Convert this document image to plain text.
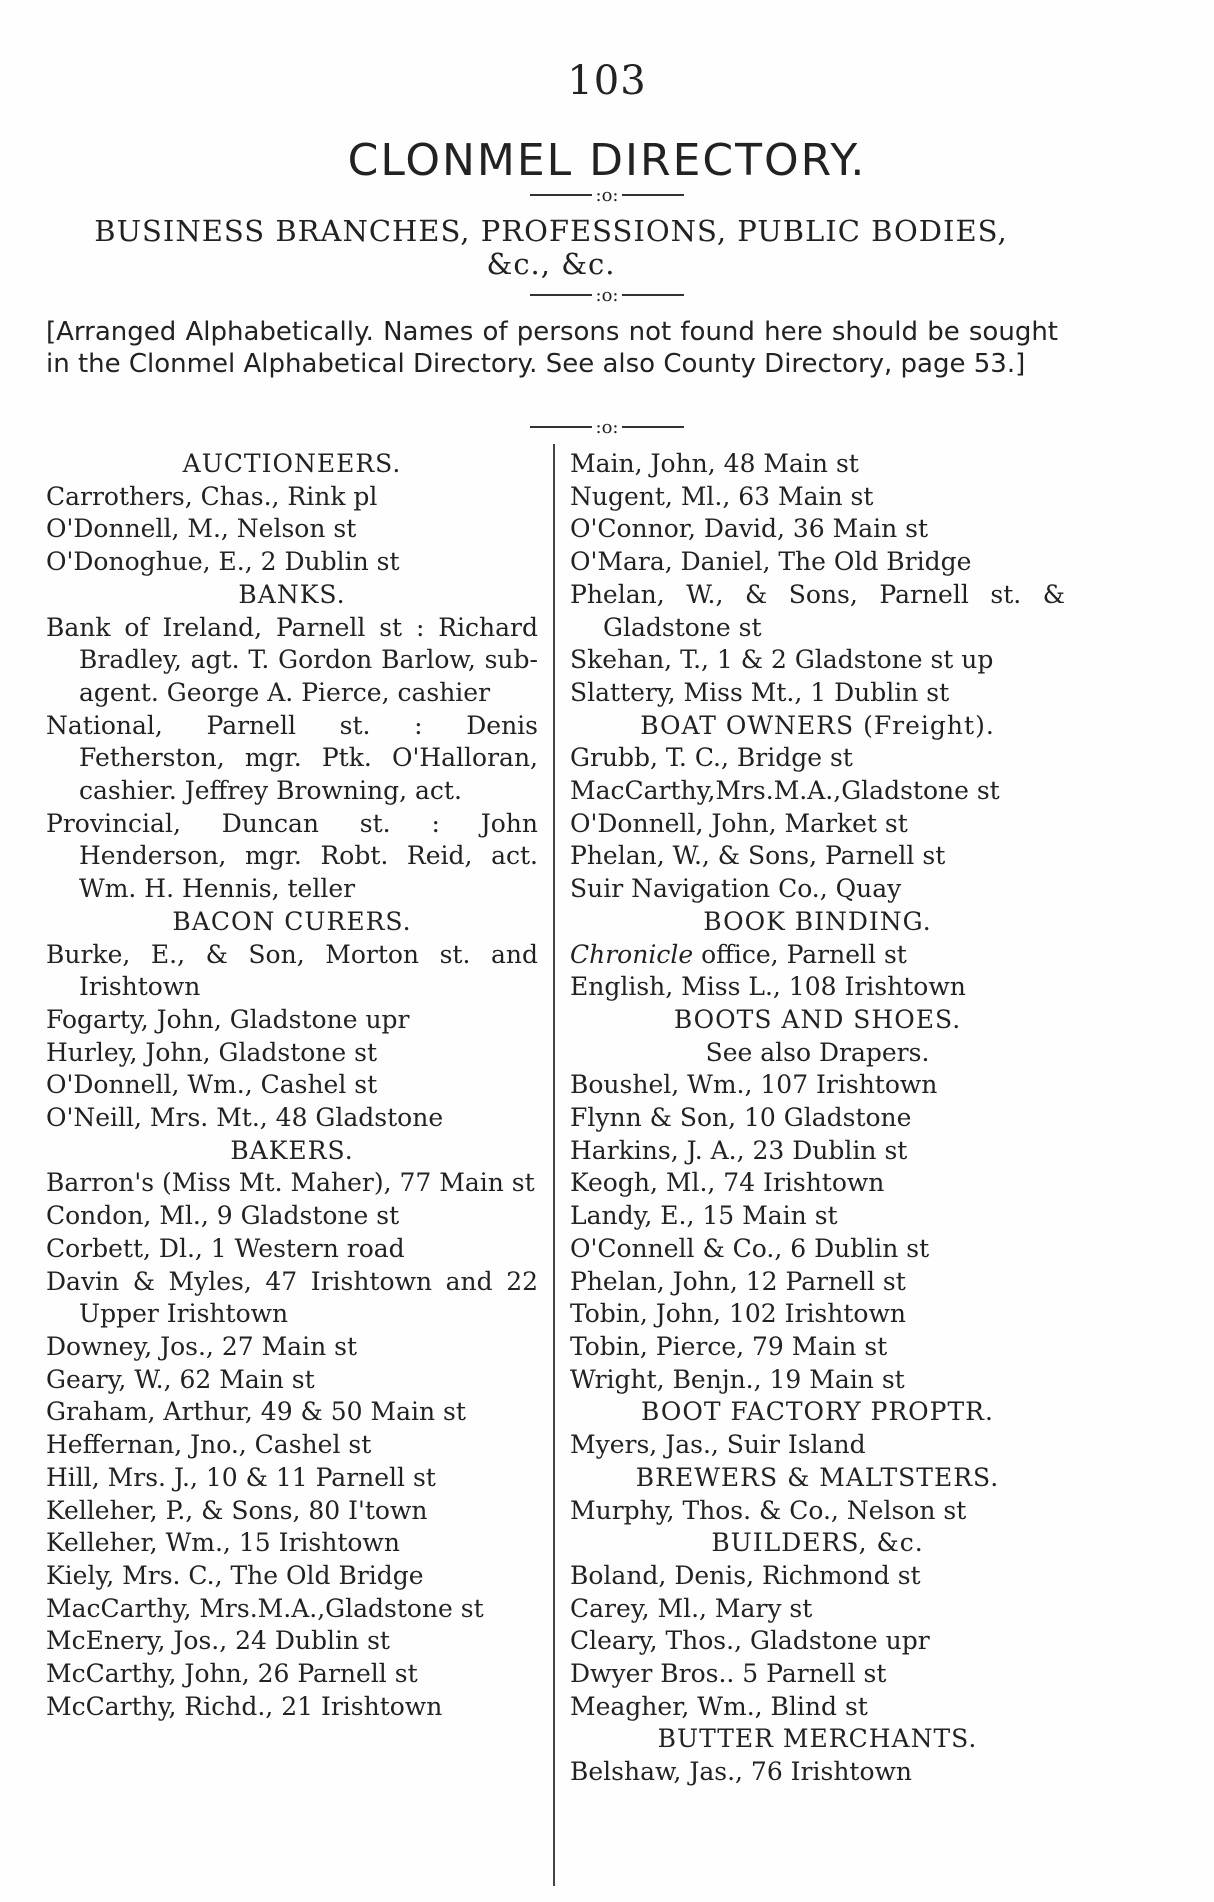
103
CLONMEL DIRECTORY.
:o:
BUSINESS BRANCHES, PROFESSIONS, PUBLIC BODIES,
&c., &c.
:o:
[Arranged Alphabetically. Names of persons not found here should be sought in the Clonmel Alphabetical Directory. See also County Directory, page 53.]
:o:
AUCTIONEERS.
Carrothers, Chas., Rink pl
O'Donnell, M., Nelson st
O'Donoghue, E., 2 Dublin st
BANKS.
Bank of Ireland, Parnell st : Richard Bradley, agt. T. Gordon Barlow, sub-agent. George A. Pierce, cashier
National, Parnell st. : Denis Fetherston, mgr. Ptk. O'Halloran, cashier. Jeffrey Browning, act.
Provincial, Duncan st. : John Henderson, mgr. Robt. Reid, act. Wm. H. Hennis, teller
BACON CURERS.
Burke, E., & Son, Morton st. and Irishtown
Fogarty, John, Gladstone upr
Hurley, John, Gladstone st
O'Donnell, Wm., Cashel st
O'Neill, Mrs. Mt., 48 Gladstone
BAKERS.
Barron's (Miss Mt. Maher), 77 Main st
Condon, Ml., 9 Gladstone st
Corbett, Dl., 1 Western road
Davin & Myles, 47 Irishtown and 22 Upper Irishtown
Downey, Jos., 27 Main st
Geary, W., 62 Main st
Graham, Arthur, 49 & 50 Main st
Heffernan, Jno., Cashel st
Hill, Mrs. J., 10 & 11 Parnell st
Kelleher, P., & Sons, 80 I'town
Kelleher, Wm., 15 Irishtown
Kiely, Mrs. C., The Old Bridge
MacCarthy, Mrs.M.A.,Gladstone st
McEnery, Jos., 24 Dublin st
McCarthy, John, 26 Parnell st
McCarthy, Richd., 21 Irishtown
Main, John, 48 Main st
Nugent, Ml., 63 Main st
O'Connor, David, 36 Main st
O'Mara, Daniel, The Old Bridge
Phelan, W., & Sons, Parnell st. & Gladstone st
Skehan, T., 1 & 2 Gladstone st up
Slattery, Miss Mt., 1 Dublin st
BOAT OWNERS (Freight).
Grubb, T. C., Bridge st
MacCarthy,Mrs.M.A.,Gladstone st
O'Donnell, John, Market st
Phelan, W., & Sons, Parnell st
Suir Navigation Co., Quay
BOOK BINDING.
Chronicle office, Parnell st
English, Miss L., 108 Irishtown
BOOTS AND SHOES.
See also Drapers.
Boushel, Wm., 107 Irishtown
Flynn & Son, 10 Gladstone
Harkins, J. A., 23 Dublin st
Keogh, Ml., 74 Irishtown
Landy, E., 15 Main st
O'Connell & Co., 6 Dublin st
Phelan, John, 12 Parnell st
Tobin, John, 102 Irishtown
Tobin, Pierce, 79 Main st
Wright, Benjn., 19 Main st
BOOT FACTORY PROPTR.
Myers, Jas., Suir Island
BREWERS & MALTSTERS.
Murphy, Thos. & Co., Nelson st
BUILDERS, &c.
Boland, Denis, Richmond st
Carey, Ml., Mary st
Cleary, Thos., Gladstone upr
Dwyer Bros.. 5 Parnell st
Meagher, Wm., Blind st
BUTTER MERCHANTS.
Belshaw, Jas., 76 Irishtown
